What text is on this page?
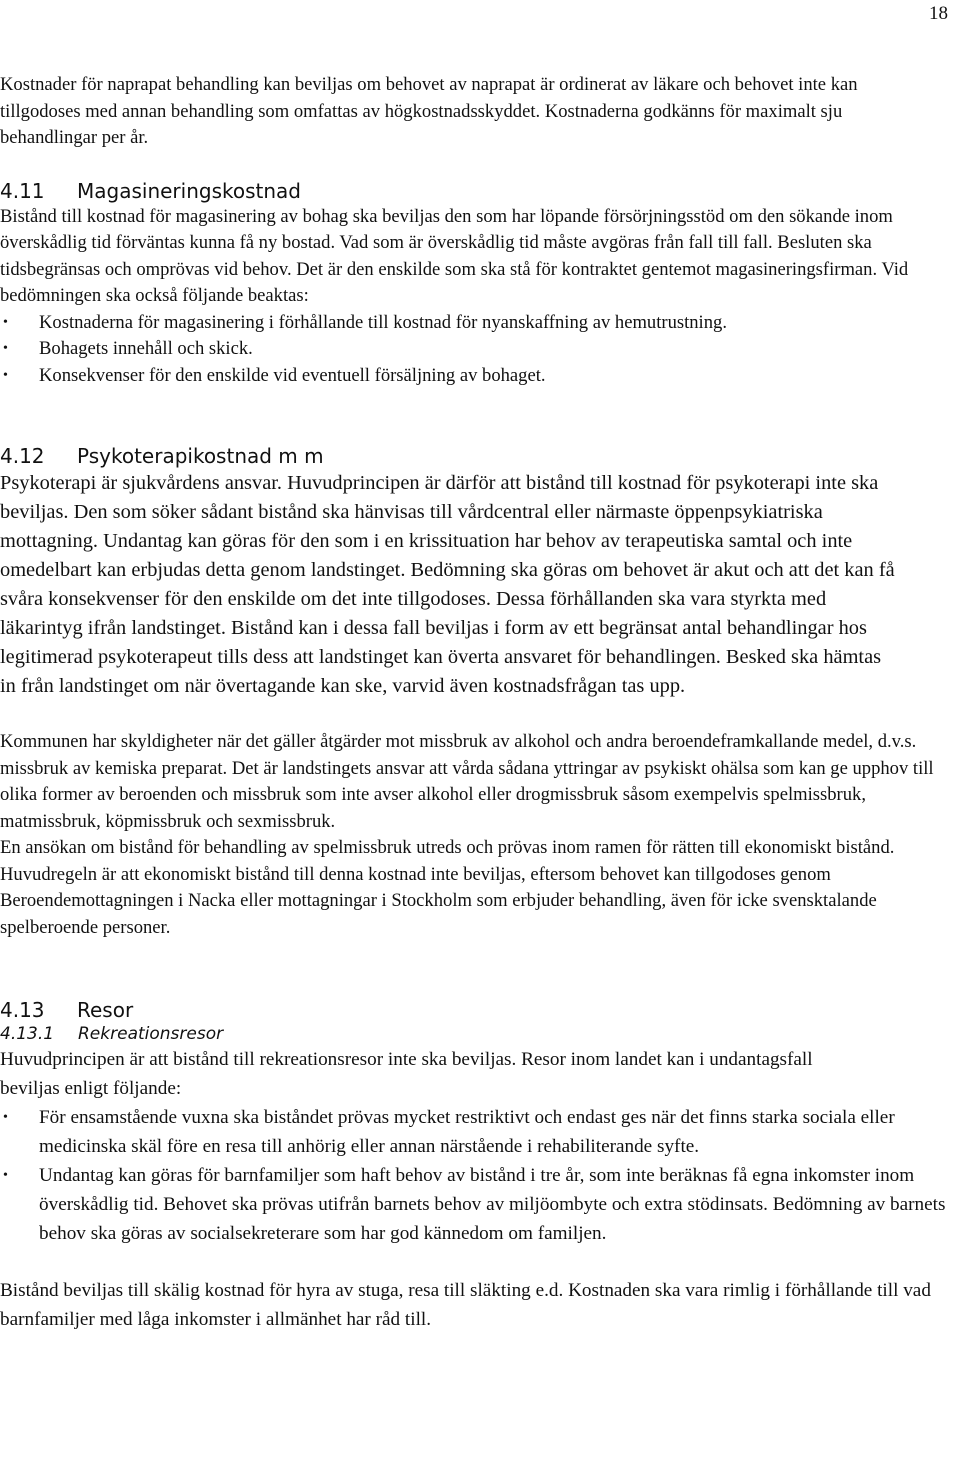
18

Kostnader för naprapat behandling kan beviljas om behovet av naprapat är ordinerat av läkare och behovet inte kan tillgodoses med annan behandling som omfattas av högkostnadsskyddet. Kostnaderna godkänns för maximalt sju behandlingar per år.

4.11 Magasineringskostnad

Bistånd till kostnad för magasinering av bohag ska beviljas den som har löpande försörjningsstöd om den sökande inom överskådlig tid förväntas kunna få ny bostad. Vad som är överskådlig tid måste avgöras från fall till fall. Besluten ska tidsbegränsas och omprövas vid behov. Det är den enskilde som ska stå för kontraktet gentemot magasineringsfirman. Vid bedömningen ska också följande beaktas:

• Kostnaderna för magasinering i förhållande till kostnad för nyanskaffning av hemutrustning.
• Bohagets innehåll och skick.
• Konsekvenser för den enskilde vid eventuell försäljning av bohaget.
4.12 Psykoterapikostnad m m

Psykoterapi är sjukvårdens ansvar. Huvudprincipen är därför att bistånd till kostnad för psykoterapi inte ska beviljas. Den som söker sådant bistånd ska hänvisas till vårdcentral eller närmaste öppenpsykiatriska mottagning. Undantag kan göras för den som i en krissituation har behov av terapeutiska samtal och inte omedelbart kan erbjudas detta genom landstinget. Bedömning ska göras om behovet är akut och att det kan få svåra konsekvenser för den enskilde om det inte tillgodoses. Dessa förhållanden ska vara styrkta med läkarintyg ifrån landstinget. Bistånd kan i dessa fall beviljas i form av ett begränsat antal behandlingar hos legitimerad psykoterapeut tills dess att landstinget kan överta ansvaret för behandlingen. Besked ska hämtas in från landstinget om när övertagande kan ske, varvid även kostnadsfrågan tas upp.

Kommunen har skyldigheter när det gäller åtgärder mot missbruk av alkohol och andra beroendeframkallande medel, d.v.s. missbruk av kemiska preparat. Det är landstingets ansvar att vårda sådana yttringar av psykiskt ohälsa som kan ge upphov till olika former av beroenden och missbruk som inte avser alkohol eller drogmissbruk såsom exempelvis spelmissbruk, matmissbruk, köpmissbruk och sexmissbruk.

En ansökan om bistånd för behandling av spelmissbruk utreds och prövas inom ramen för rätten till ekonomiskt bistånd. Huvudregeln är att ekonomiskt bistånd till denna kostnad inte beviljas, eftersom behovet kan tillgodoses genom Beroendemottagningen i Nacka eller mottagningar i Stockholm som erbjuder behandling, även för icke svensktalande spelberoende personer.

4.13 Resor
4.13.1 Rekreationsresor

Huvudprincipen är att bistånd till rekreationsresor inte ska beviljas. Resor inom landet kan i undantagsfall beviljas enligt följande:

• För ensamstående vuxna ska biståndet prövas mycket restriktivt och endast ges när det finns starka sociala eller medicinska skäl före en resa till anhörig eller annan närstående i rehabiliterande syfte.
• Undantag kan göras för barnfamiljer som haft behov av bistånd i tre år, som inte beräknas få egna inkomster inom överskådlig tid. Behovet ska prövas utifrån barnets behov av miljöombyte och extra stödinsats. Bedömning av barnets behov ska göras av socialsekreterare som har god kännedom om familjen.

Bistånd beviljas till skälig kostnad för hyra av stuga, resa till släkting e.d. Kostnaden ska vara rimlig i förhållande till vad barnfamiljer med låga inkomster i allmänhet har råd till.
